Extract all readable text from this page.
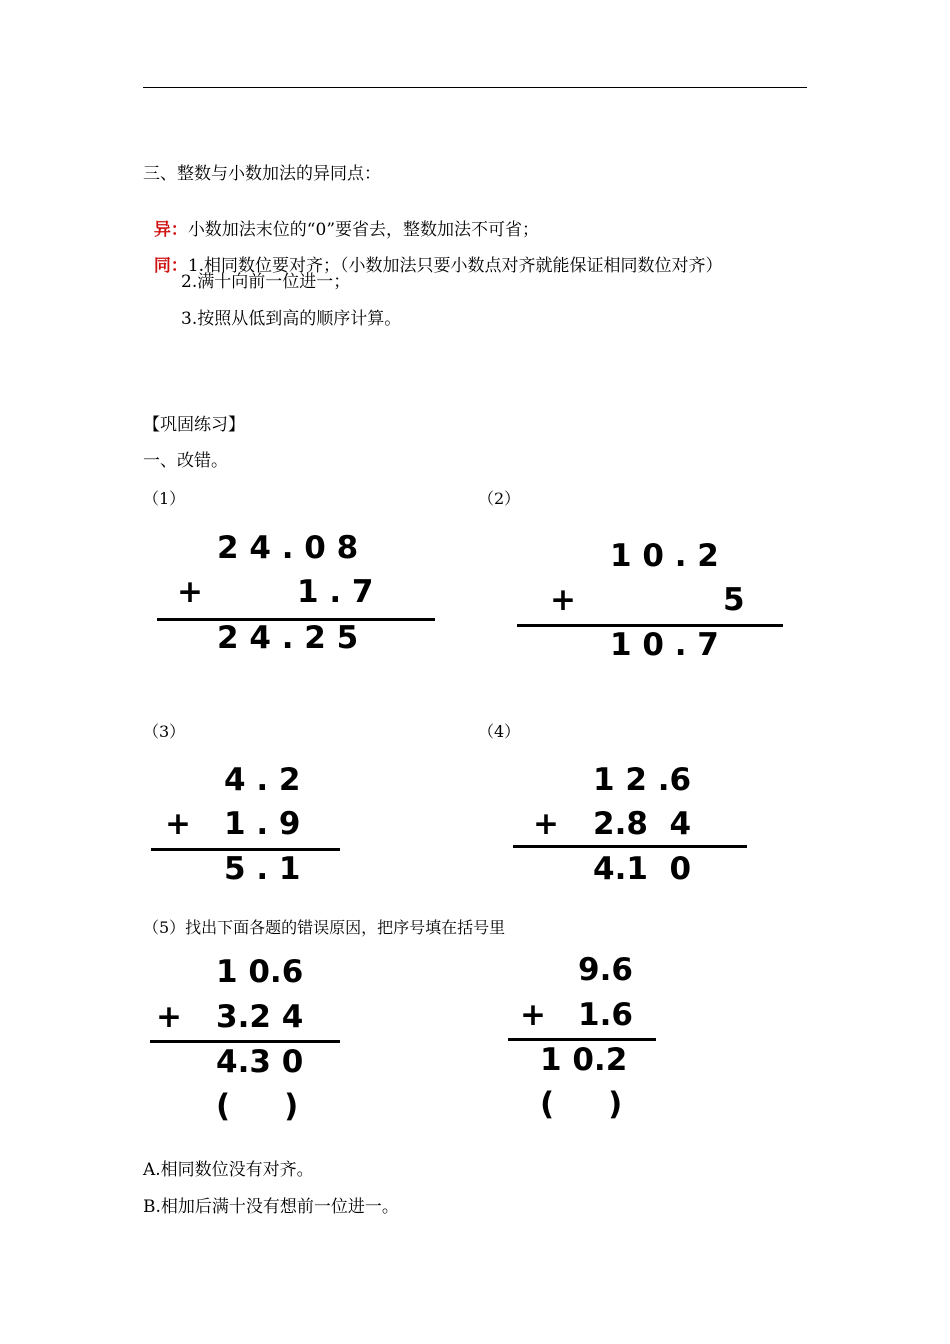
三、整数与小数加法的异同点：

异：小数加法末位的“0”要省去，整数加法不可省；

同：1.相同数位要对齐；（小数加法只要小数点对齐就能保证相同数位对齐）

2.满十向前一位进一；
3.按照从低到高的顺序计算。
【巩固练习】
一、改错。
（1）
2 4 . 0 8
+	1 . 7
2 4 . 2 5
（2）
1 0 . 2
+	5
1 0 . 7
（3）
4 . 2
+ 1 . 9
5 . 1
（4）
1 2 .6
+ 2.8  4
4.1  0
（5）找出下面各题的错误原因，把序号填在括号里
1 0.6
+ 3.2 4
4.3 0
(     )
9.6
+ 1.6
1 0.2
(     )
A.相同数位没有对齐。
B.相加后满十没有想前一位进一。
